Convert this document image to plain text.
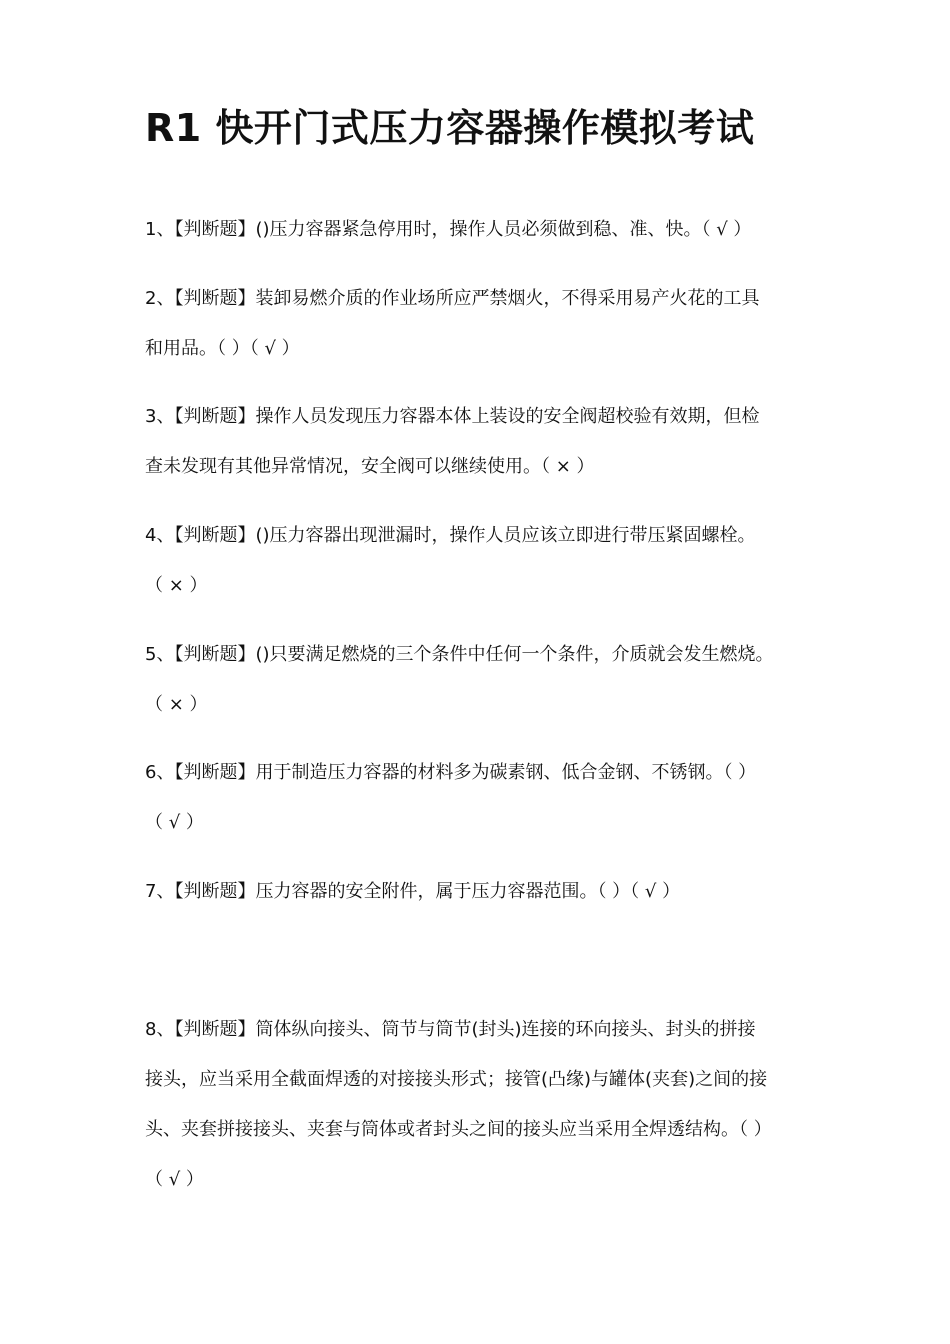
R1 快开门式压力容器操作模拟考试
1、【判断题】()压力容器紧急停用时，操作人员必须做到稳、准、快。（ √ ）
2、【判断题】装卸易燃介质的作业场所应严禁烟火，不得采用易产火花的工具
和用品。（ ）（ √ ）
3、【判断题】操作人员发现压力容器本体上装设的安全阀超校验有效期，但检
查未发现有其他异常情况，安全阀可以继续使用。（ × ）
4、【判断题】()压力容器出现泄漏时，操作人员应该立即进行带压紧固螺栓。
（ × ）
5、【判断题】()只要满足燃烧的三个条件中任何一个条件，介质就会发生燃烧。
（ × ）
6、【判断题】用于制造压力容器的材料多为碳素钢、低合金钢、不锈钢。（ ）
（ √ ）
7、【判断题】压力容器的安全附件，属于压力容器范围。（ ）（ √ ）
8、【判断题】筒体纵向接头、筒节与筒节(封头)连接的环向接头、封头的拼接
接头，应当采用全截面焊透的对接接头形式；接管(凸缘)与罐体(夹套)之间的接
头、夹套拼接接头、夹套与筒体或者封头之间的接头应当采用全焊透结构。（ ）
（ √ ）
